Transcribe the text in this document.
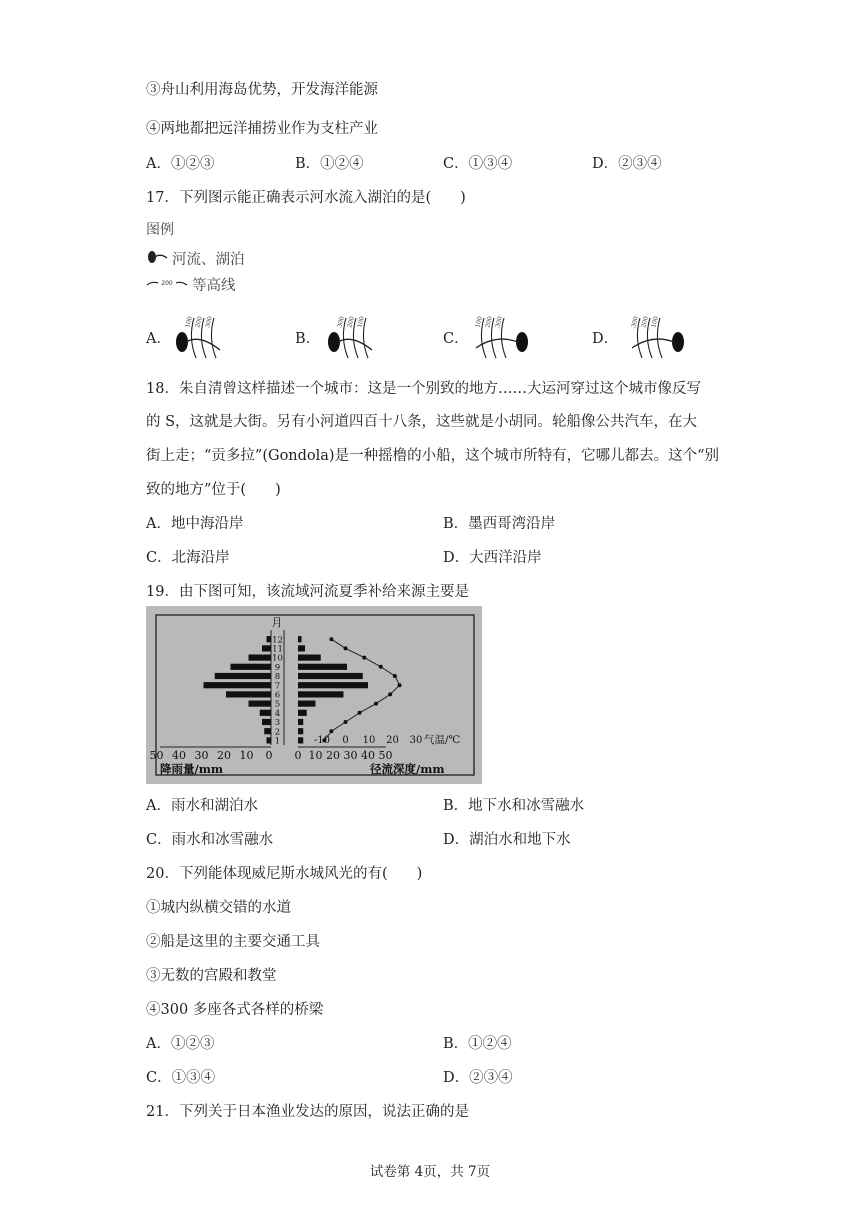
③舟山利用海岛优势，开发海洋能源
④两地都把远洋捕捞业作为支柱产业
A．①②③	B．①②④	C．①③④	D．②③④
17．下列图示能正确表示河水流入湖泊的是(　　)
图例
河流、湖泊
200 等高线
A．	B．	C．	D．
100 200 300	300 200 100	100 200 300	300 200 100
18．朱自清曾这样描述一个城市：这是一个别致的地方……大运河穿过这个城市像反写
的 S，这就是大街。另有小河道四百十八条，这些就是小胡同。轮船像公共汽车，在大
街上走；“贡多拉”(Gondola)是一种摇橹的小船，这个城市所特有，它哪儿都去。这个“别
致的地方”位于(　　)
A．地中海沿岸	B．墨西哥湾沿岸
C．北海沿岸	D．大西洋沿岸
19．由下图可知，该流域河流夏季补给来源主要是
月
1
2
3
4
5
6
7
8
9
10
11
12
-10 0 10 20 30 气温/℃
50 40 30 20 10 0 0 10 20 30 40 50
降雨量/mm	径流深度/mm
A．雨水和湖泊水	B．地下水和冰雪融水
C．雨水和冰雪融水	D．湖泊水和地下水
20．下列能体现威尼斯水城风光的有(　　)
①城内纵横交错的水道
②船是这里的主要交通工具
③无数的宫殿和教堂
④300 多座各式各样的桥梁
A．①②③	B．①②④
C．①③④	D．②③④
21．下列关于日本渔业发达的原因，说法正确的是
试卷第 4页，共 7页
